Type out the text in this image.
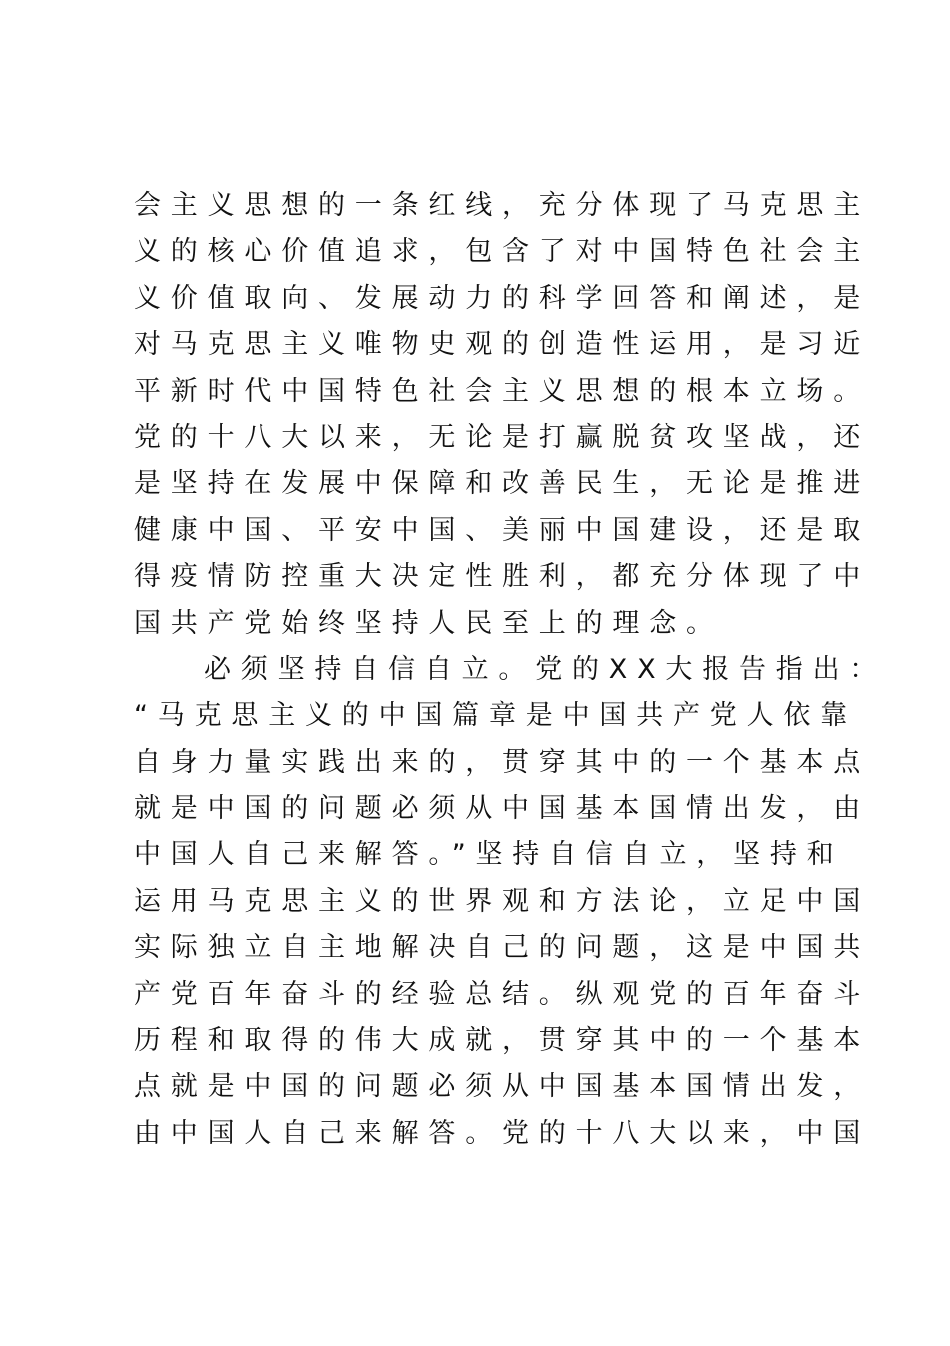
会主义思想的一条红线，充分体现了马克思主
义的核心价值追求，包含了对中国特色社会主
义价值取向、发展动力的科学回答和阐述，是
对马克思主义唯物史观的创造性运用，是习近
平新时代中国特色社会主义思想的根本立场。
党的十八大以来，无论是打赢脱贫攻坚战，还
是坚持在发展中保障和改善民生，无论是推进
健康中国、平安中国、美丽中国建设，还是取
得疫情防控重大决定性胜利，都充分体现了中
国共产党始终坚持人民至上的理念。
必须坚持自信自立。党的XX大报告指出：
“马克思主义的中国篇章是中国共产党人依靠
自身力量实践出来的，贯穿其中的一个基本点
就是中国的问题必须从中国基本国情出发，由
中国人自己来解答。”坚持自信自立，坚持和
运用马克思主义的世界观和方法论，立足中国
实际独立自主地解决自己的问题，这是中国共
产党百年奋斗的经验总结。纵观党的百年奋斗
历程和取得的伟大成就，贯穿其中的一个基本
点就是中国的问题必须从中国基本国情出发，
由中国人自己来解答。党的十八大以来，中国
